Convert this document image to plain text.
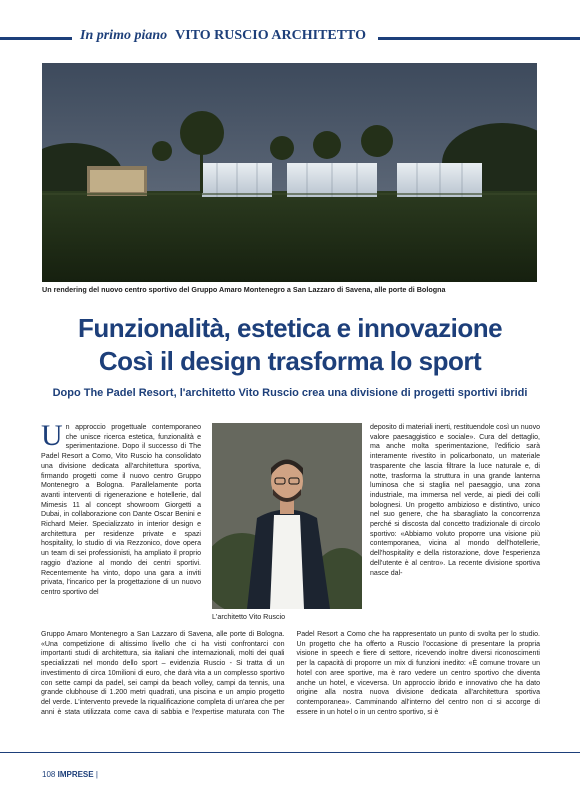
In primo piano VITO RUSCIO ARCHITETTO
Un rendering del nuovo centro sportivo del Gruppo Amaro Montenegro a San Lazzaro di Savena, alle porte di Bologna
Funzionalità, estetica e innovazione
Così il design trasforma lo sport
Dopo The Padel Resort, l'architetto Vito Ruscio crea una divisione di progetti sportivi ibridi
Un approccio progettuale contemporaneo che unisce ricerca estetica, funzionalità e sperimentazione. Dopo il successo di The Padel Resort a Como, Vito Ruscio ha consolidato una divisione dedicata all'architettura sportiva, firmando progetti come il nuovo centro Gruppo Montenegro a Bologna. Parallelamente porta avanti interventi di rigenerazione e hotellerie, dal Mimesis 11 al concept showroom Giorgetti a Dubai, in collaborazione con Dante Oscar Benini e Richard Meier. Specializzato in interior design e architettura per residenze private e spazi hospitality, lo studio di via Rezzonico, dove opera un team di sei professionisti, ha ampliato il proprio raggio d'azione al mondo dei centri sportivi. Recentemente ha vinto, dopo una gara a inviti privata, l'incarico per la progettazione di un nuovo centro sportivo del
L'architetto Vito Ruscio
deposito di materiali inerti, restituendole così un nuovo valore paesaggistico e sociale». Cura del dettaglio, ma anche molta sperimentazione, l'edificio sarà interamente rivestito in policarbonato, un materiale trasparente che lascia filtrare la luce naturale e, di notte, trasforma la struttura in una grande lanterna luminosa che si staglia nel paesaggio, una zona industriale, ma immersa nel verde, ai piedi dei colli bolognesi. Un progetto ambizioso e distintivo, unico nel suo genere, che ha sbaragliato la concorrenza perché si discosta dal concetto tradizionale di circolo sportivo: «Abbiamo voluto proporre una visione più contemporanea, vicina al mondo dell'hotellerie, dell'hospitality e della ristorazione, dove l'esperienza dell'utente è al centro». La recente divisione sportiva nasce dal-
Gruppo Amaro Montenegro a San Lazzaro di Savena, alle porte di Bologna. «Una competizione di altissimo livello che ci ha visti confrontarci con importanti studi di architettura, sia italiani che internazionali, molti dei quali specializzati nel mondo dello sport – evidenzia Ruscio - Si tratta di un investimento di circa 10milioni di euro, che darà vita a un complesso sportivo con sette campi da padel, sei campi da beach volley, campi da tennis, una grande clubhouse di 1.200 metri quadrati, una piscina e un ampio progetto del verde. L'intervento prevede la riqualificazione completa di un'area che per anni è stata utilizzata come cava di sabbia e l'expertise maturata con The Padel Resort a Como che ha rappresentato un punto di svolta per lo studio. Un progetto che ha offerto a Ruscio l'occasione di presentare la propria visione in speech e fiere di settore, ricevendo inoltre diversi riconoscimenti per la capacità di proporre un mix di funzioni inedito: «È comune trovare un hotel con aree sportive, ma è raro vedere un centro sportivo che diventa anche un hotel, e viceversa. Un approccio ibrido e innovativo che ha dato origine alla nostra nuova divisione dedicata all'architettura sportiva contemporanea». Camminando all'interno del centro non ci si accorge di essere in un hotel o in un centro sportivo, si è
108 IMPRESE |
